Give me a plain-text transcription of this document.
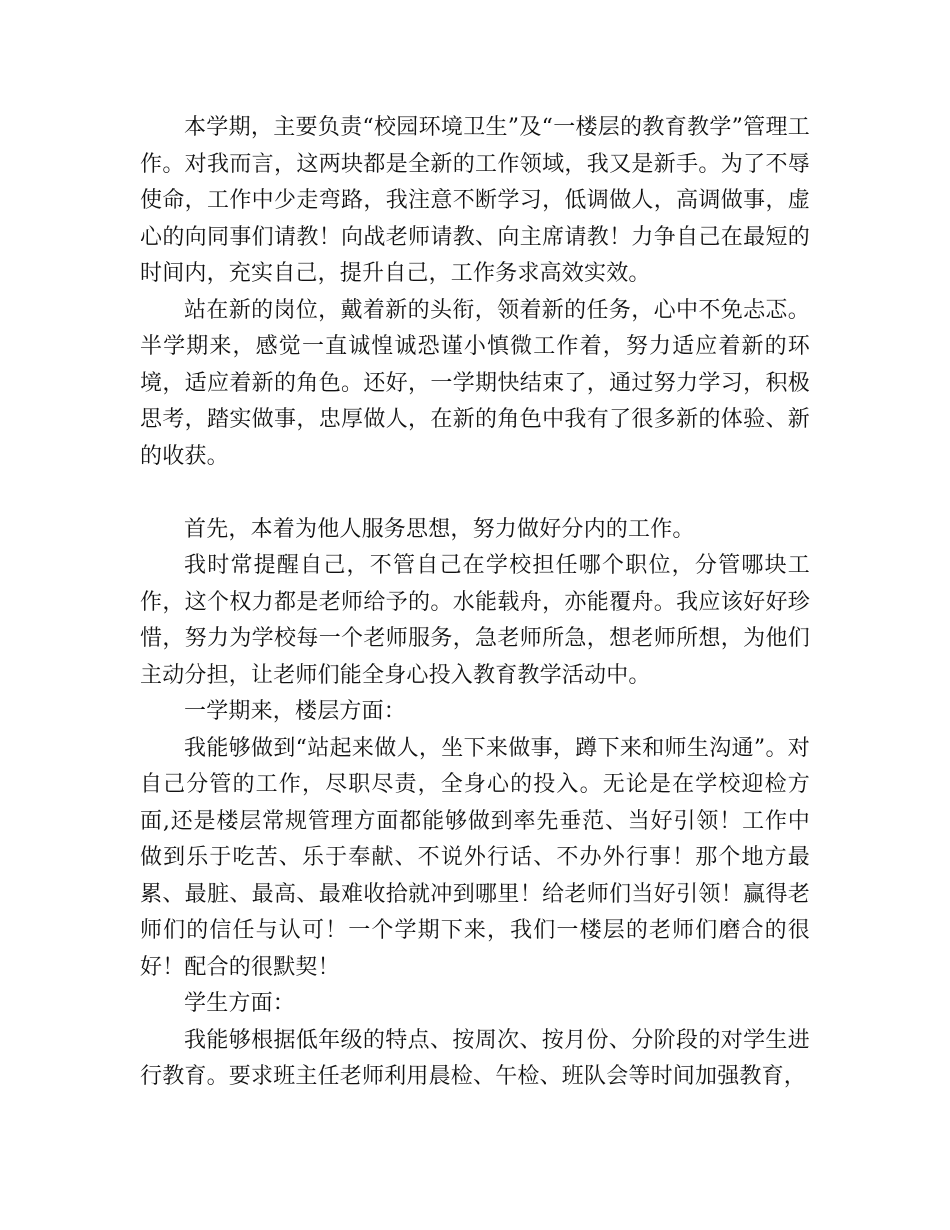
本学期，主要负责“校园环境卫生”及“一楼层的教育教学”管理工作。对我而言，这两块都是全新的工作领域，我又是新手。为了不辱使命，工作中少走弯路，我注意不断学习，低调做人，高调做事，虚心的向同事们请教！向战老师请教、向主席请教！力争自己在最短的时间内，充实自己，提升自己，工作务求高效实效。

站在新的岗位，戴着新的头衔，领着新的任务，心中不免忐忑。半学期来，感觉一直诚惶诚恐谨小慎微工作着，努力适应着新的环境，适应着新的角色。还好，一学期快结束了，通过努力学习，积极思考，踏实做事，忠厚做人，在新的角色中我有了很多新的体验、新的收获。

首先，本着为他人服务思想，努力做好分内的工作。

我时常提醒自己，不管自己在学校担任哪个职位，分管哪块工作，这个权力都是老师给予的。水能载舟，亦能覆舟。我应该好好珍惜，努力为学校每一个老师服务，急老师所急，想老师所想，为他们主动分担，让老师们能全身心投入教育教学活动中。

一学期来，楼层方面：

我能够做到“站起来做人，坐下来做事，蹲下来和师生沟通”。对自己分管的工作，尽职尽责，全身心的投入。无论是在学校迎检方面,还是楼层常规管理方面都能够做到率先垂范、当好引领！工作中做到乐于吃苦、乐于奉献、不说外行话、不办外行事！那个地方最累、最脏、最高、最难收拾就冲到哪里！给老师们当好引领！赢得老师们的信任与认可！一个学期下来，我们一楼层的老师们磨合的很好！配合的很默契！

学生方面：

我能够根据低年级的特点、按周次、按月份、分阶段的对学生进行教育。要求班主任老师利用晨检、午检、班队会等时间加强教育，
